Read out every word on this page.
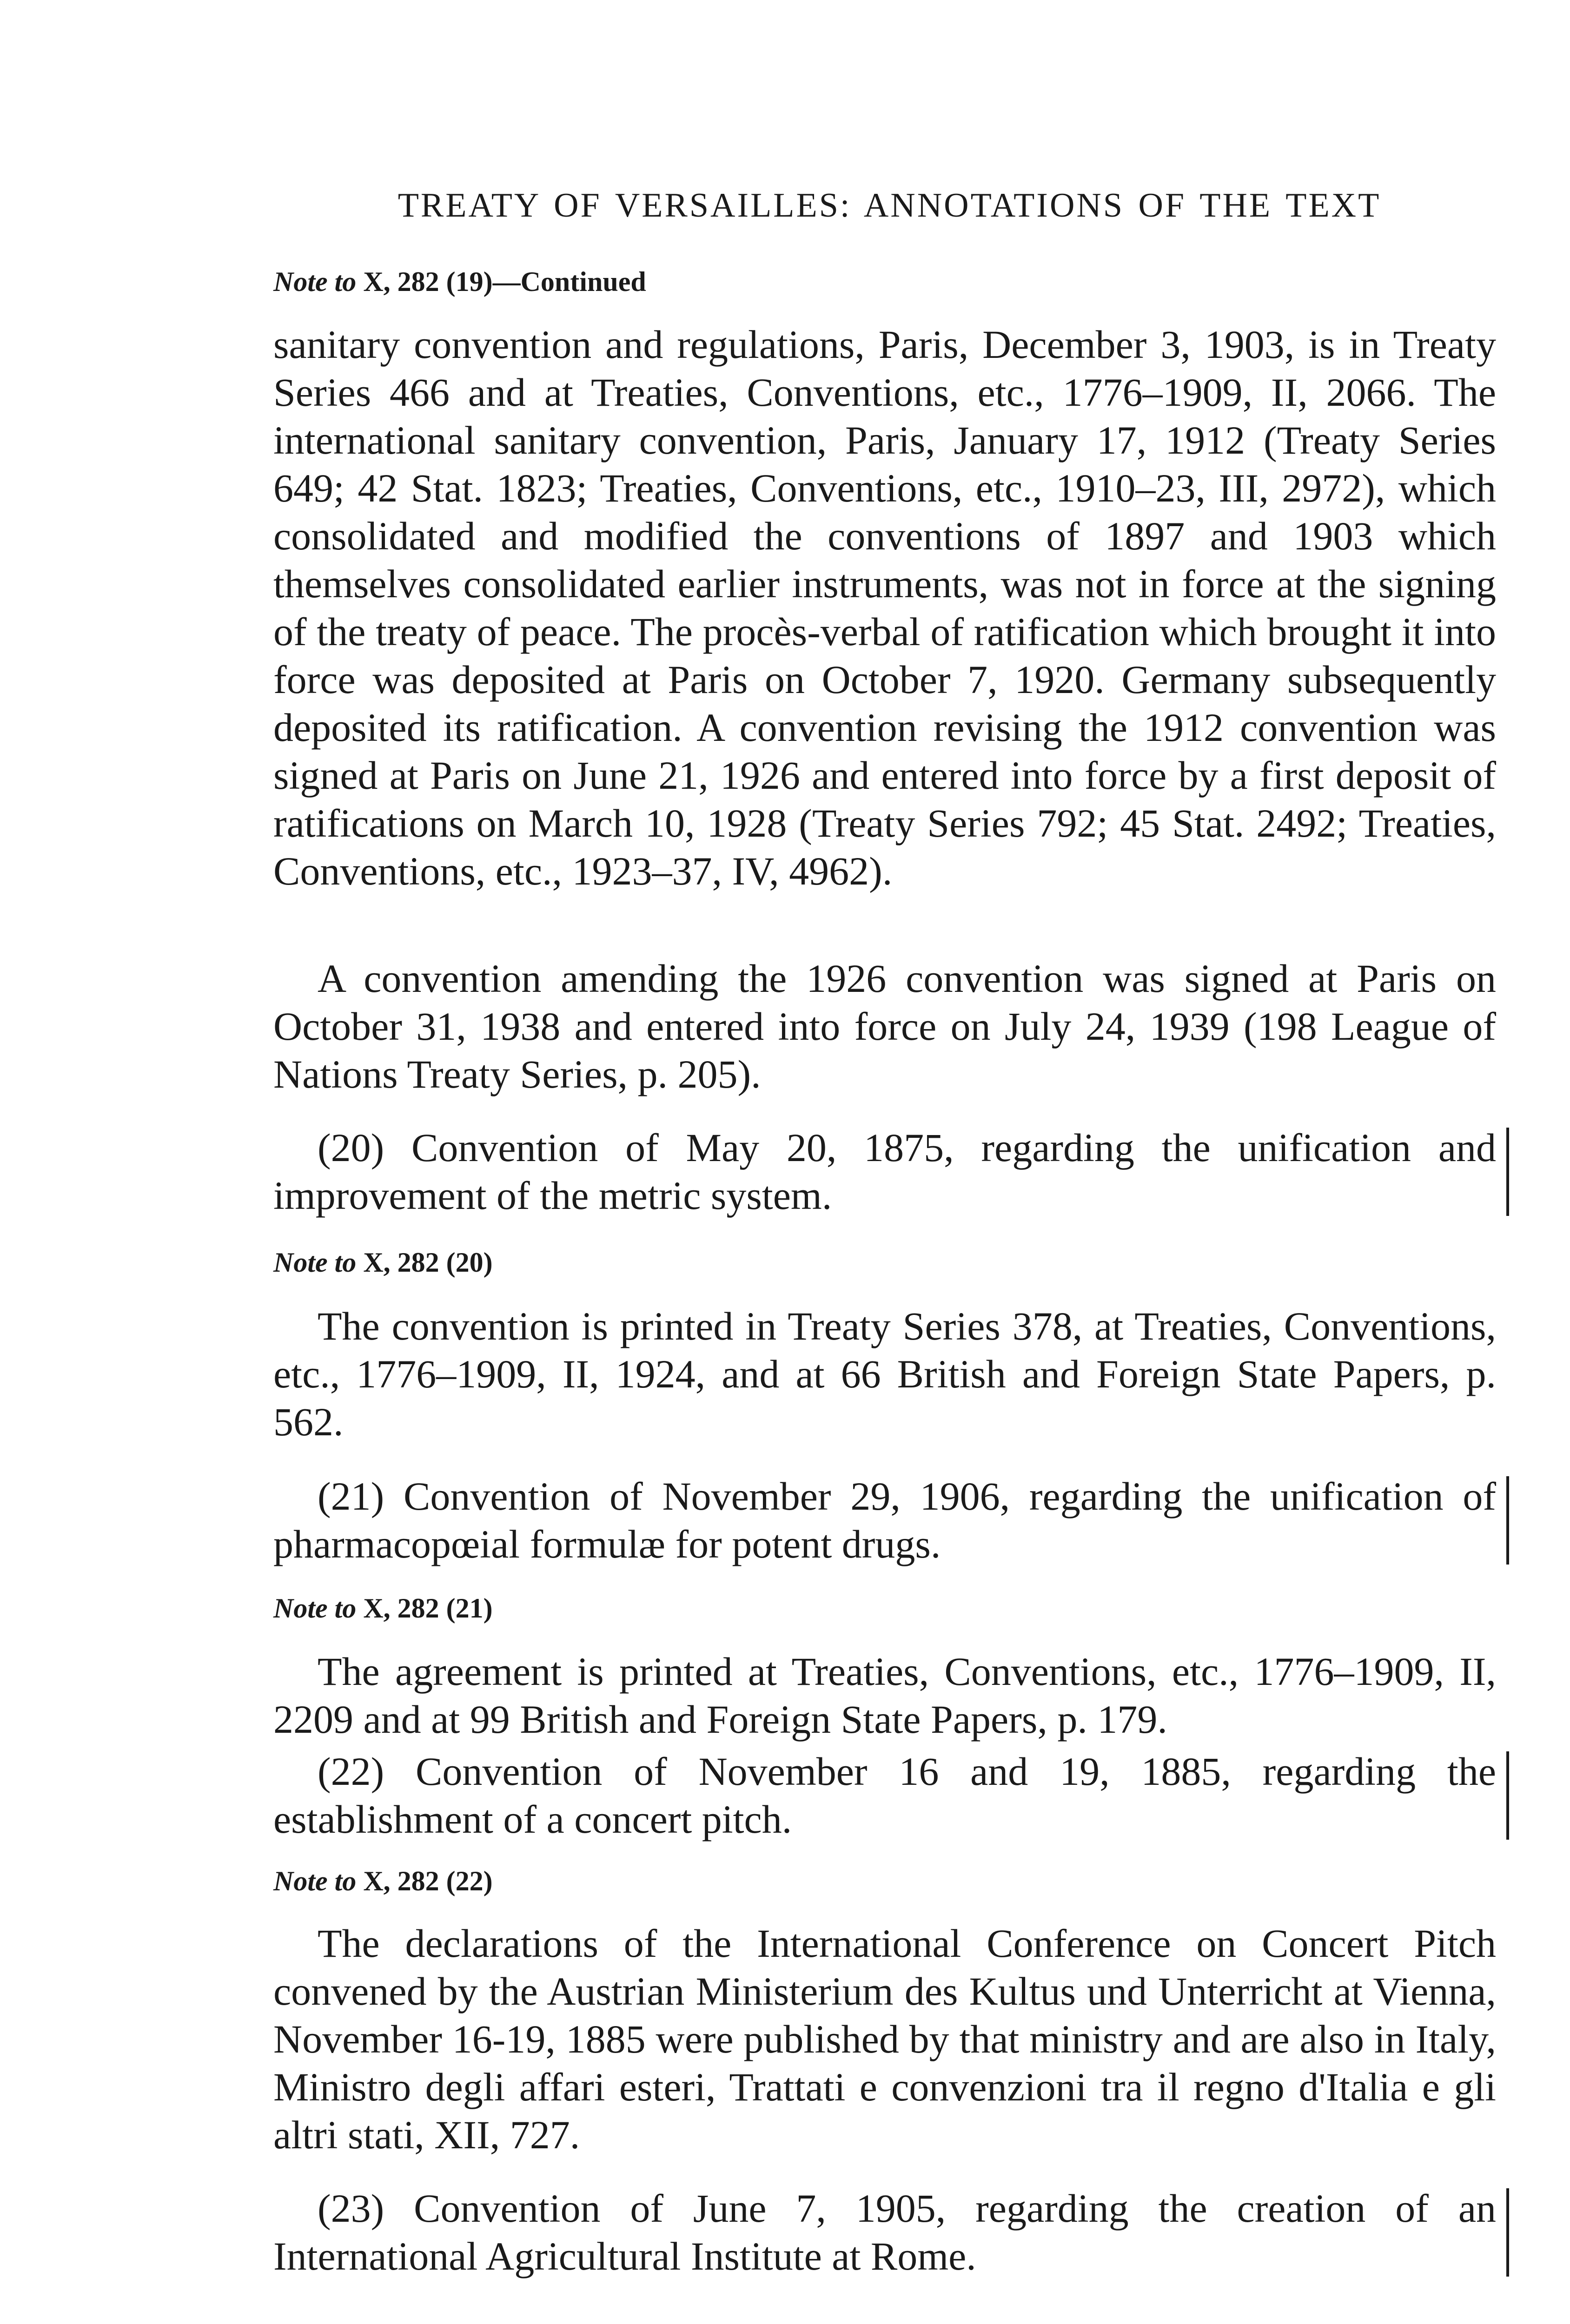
TREATY OF VERSAILLES: ANNOTATIONS OF THE TEXT
Note to X, 282 (19)—Continued
sanitary convention and regulations, Paris, December 3, 1903, is in Treaty Series 466 and at Treaties, Conventions, etc., 1776–1909, II, 2066. The international sanitary convention, Paris, January 17, 1912 (Treaty Series 649; 42 Stat. 1823; Treaties, Conventions, etc., 1910–23, III, 2972), which consolidated and modified the conventions of 1897 and 1903 which themselves consolidated earlier instruments, was not in force at the signing of the treaty of peace. The procès-verbal of ratification which brought it into force was deposited at Paris on October 7, 1920. Germany subsequently deposited its ratification. A convention revising the 1912 convention was signed at Paris on June 21, 1926 and entered into force by a first deposit of ratifications on March 10, 1928 (Treaty Series 792; 45 Stat. 2492; Treaties, Conventions, etc., 1923–37, IV, 4962).
A convention amending the 1926 convention was signed at Paris on October 31, 1938 and entered into force on July 24, 1939 (198 League of Nations Treaty Series, p. 205).
(20) Convention of May 20, 1875, regarding the unification and improvement of the metric system.
Note to X, 282 (20)
The convention is printed in Treaty Series 378, at Treaties, Conventions, etc., 1776–1909, II, 1924, and at 66 British and Foreign State Papers, p. 562.
(21) Convention of November 29, 1906, regarding the unification of pharmacopœial formulæ for potent drugs.
Note to X, 282 (21)
The agreement is printed at Treaties, Conventions, etc., 1776–1909, II, 2209 and at 99 British and Foreign State Papers, p. 179.
(22) Convention of November 16 and 19, 1885, regarding the establishment of a concert pitch.
Note to X, 282 (22)
The declarations of the International Conference on Concert Pitch convened by the Austrian Ministerium des Kultus und Unterricht at Vienna, November 16-19, 1885 were published by that ministry and are also in Italy, Ministro degli affari esteri, Trattati e convenzioni tra il regno d'Italia e gli altri stati, XII, 727.
(23) Convention of June 7, 1905, regarding the creation of an International Agricultural Institute at Rome.
